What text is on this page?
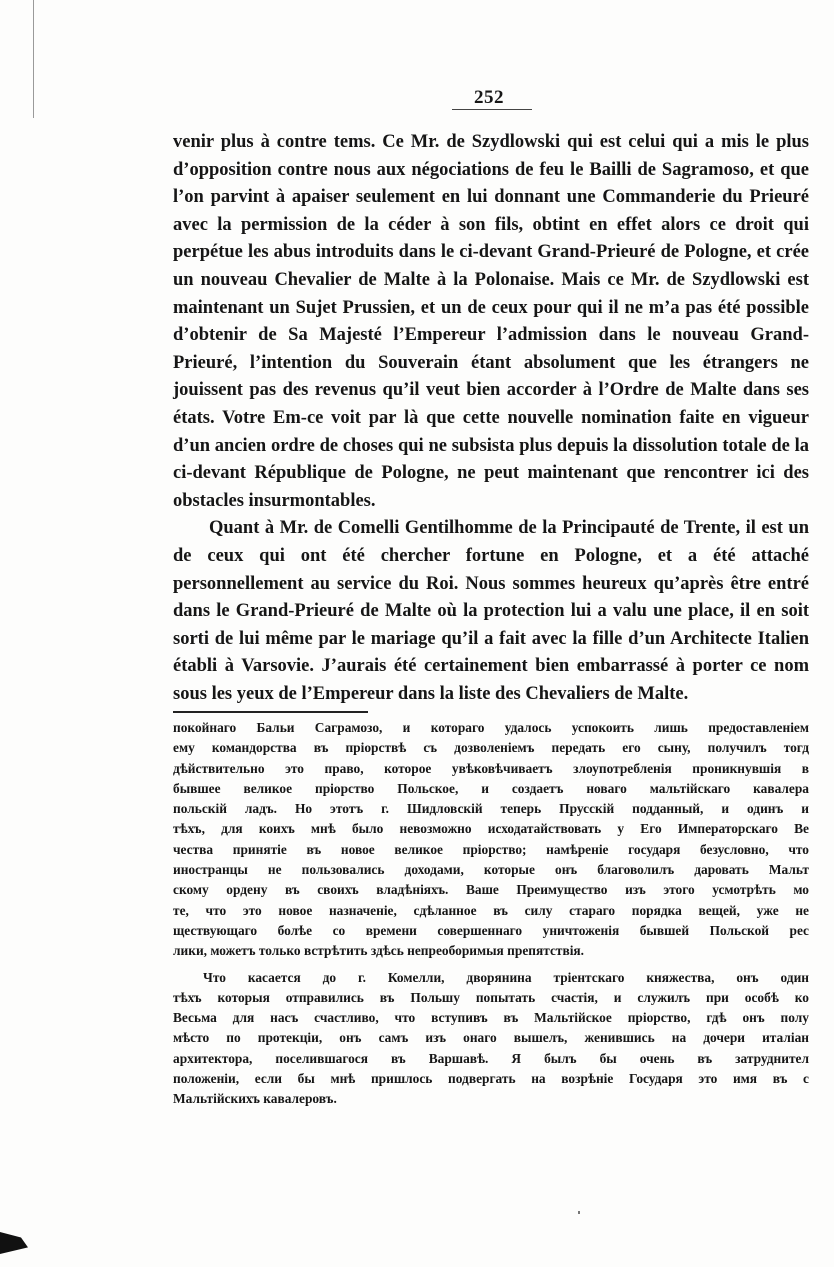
252

venir plus à contre tems. Ce Mr. de Szydlowski qui est celui qui a mis le plus d’opposition contre nous aux négociations de feu le Bailli de Sagramoso, et que l’on parvint à apaiser seulement en lui donnant une Commanderie du Prieuré avec la permission de la céder à son fils, obtint en effet alors ce droit qui perpétue les abus introduits dans le ci-devant Grand-Prieuré de Pologne, et crée un nouveau Chevalier de Malte à la Polonaise. Mais ce Mr. de Szydlowski est maintenant un Sujet Prussien, et un de ceux pour qui il ne m’a pas été possible d’obtenir de Sa Majesté l’Empereur l’admission dans le nouveau Grand-Prieuré, l’intention du Souverain étant absolument que les étrangers ne jouissent pas des revenus qu’il veut bien accorder à l’Ordre de Malte dans ses états. Votre Em-ce voit par là que cette nouvelle nomination faite en vigueur d’un ancien ordre de choses qui ne subsista plus depuis la dissolution totale de la ci-devant République de Pologne, ne peut maintenant que rencontrer ici des obstacles insurmontables.

Quant à Mr. de Comelli Gentilhomme de la Principauté de Trente, il est un de ceux qui ont été chercher fortune en Pologne, et a été attaché personnellement au service du Roi. Nous sommes heureux qu’après être entré dans le Grand-Prieuré de Malte où la protection lui a valu une place, il en soit sorti de lui même par le mariage qu’il a fait avec la fille d’un Architecte Italien établi à Varsovie. J’aurais été certainement bien embarrassé à porter ce nom sous les yeux de l’Empereur dans la liste des Chevaliers de Malte.

покойнаго Бальи Саграмозо, и котораго удалось успокоить лишь предоставленіем
ему командорства въ пріорствѣ съ дозволеніемъ передать его сыну, получилъ тогд
дѣйствительно это право, которое увѣковѣчиваетъ злоупотребленія проникнувшія в
бывшее великое пріорство Польское, и создаетъ новаго мальтійскаго кавалера
польскій ладъ. Но этотъ г. Шидловскій теперь Прусскій подданный, и одинъ и
тѣхъ, для коихъ мнѣ было невозможно исходатайствовать у Его Императорскаго Ве
чества принятіе въ новое великое пріорство; намѣреніе государя безусловно, что
иностранцы не пользовались доходами, которые онъ благоволилъ даровать Мальт
скому ордену въ своихъ владѣніяхъ. Ваше Преимущество изъ этого усмотрѣть мо
те, что это новое назначеніе, сдѣланное въ силу стараго порядка вещей, уже не
ществующаго болѣе со времени совершеннаго уничтоженія бывшей Польской рес
лики, можетъ только встрѣтить здѣсь непреоборимыя препятствія.
Что касается до г. Комелли, дворянина тріентскаго княжества, онъ один
тѣхъ которыя отправились въ Польшу попытать счастія, и служилъ при особѣ ко
Весьма для насъ счастливо, что вступивъ въ Мальтійское пріорство, гдѣ онъ полу
мѣсто по протекціи, онъ самъ изъ онаго вышелъ, женившись на дочери италіан
архитектора, поселившагося въ Варшавѣ. Я былъ бы очень въ затруднител
положеніи, если бы мнѣ пришлось подвергать на возрѣніе Государя это имя въ с
Мальтійскихъ кавалеровъ.
